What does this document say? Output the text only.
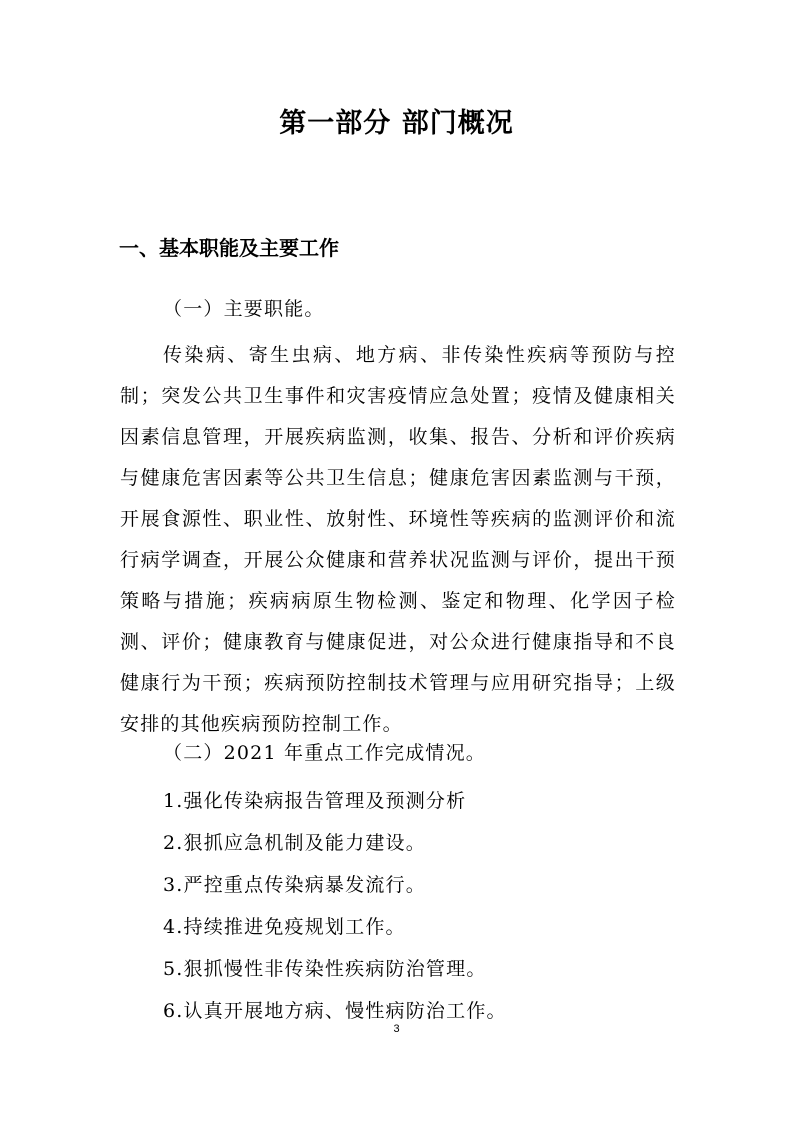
第一部分 部门概况
一、基本职能及主要工作

（一）主要职能。

传染病、寄生虫病、地方病、非传染性疾病等预防与控制；突发公共卫生事件和灾害疫情应急处置；疫情及健康相关因素信息管理，开展疾病监测，收集、报告、分析和评价疾病与健康危害因素等公共卫生信息；健康危害因素监测与干预，开展食源性、职业性、放射性、环境性等疾病的监测评价和流行病学调查，开展公众健康和营养状况监测与评价，提出干预策略与措施；疾病病原生物检测、鉴定和物理、化学因子检测、评价；健康教育与健康促进，对公众进行健康指导和不良健康行为干预；疾病预防控制技术管理与应用研究指导；上级安排的其他疾病预防控制工作。

（二）2021 年重点工作完成情况。

1.强化传染病报告管理及预测分析
2.狠抓应急机制及能力建设。
3.严控重点传染病暴发流行。
4.持续推进免疫规划工作。
5.狠抓慢性非传染性疾病防治管理。
6.认真开展地方病、慢性病防治工作。
3
